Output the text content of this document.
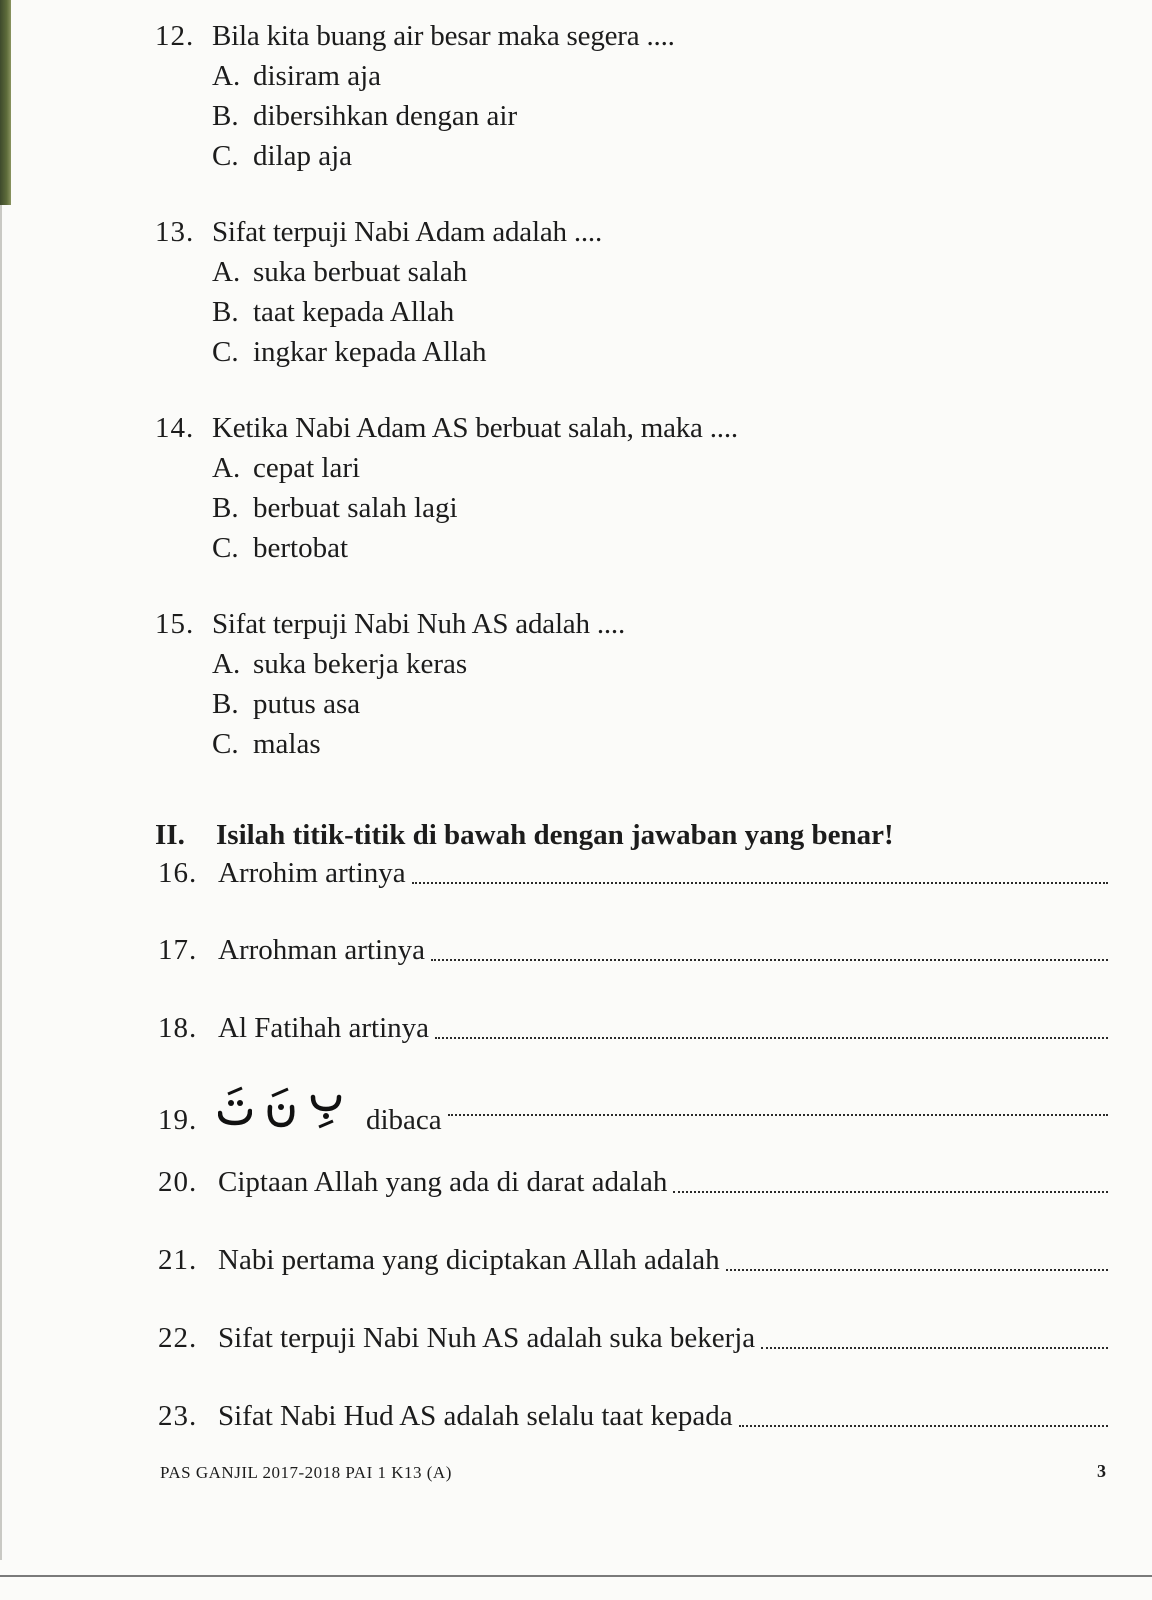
12. Bila kita buang air besar maka segera ....
A. disiram aja
B. dibersihkan dengan air
C. dilap aja
13. Sifat terpuji Nabi Adam adalah ....
A. suka berbuat salah
B. taat kepada Allah
C. ingkar kepada Allah
14. Ketika Nabi Adam AS berbuat salah, maka ....
A. cepat lari
B. berbuat salah lagi
C. bertobat
15. Sifat terpuji Nabi Nuh AS adalah ....
A. suka bekerja keras
B. putus asa
C. malas
II. Isilah titik-titik di bawah dengan jawaban yang benar!
16. Arrohim artinya
17. Arrohman artinya
18. Al Fatihah artinya
19.	dibaca
20. Ciptaan Allah yang ada di darat adalah
21. Nabi pertama yang diciptakan Allah adalah
22. Sifat terpuji Nabi Nuh AS adalah suka bekerja
23. Sifat Nabi Hud AS adalah selalu taat kepada
PAS GANJIL 2017-2018 PAI 1 K13 (A)	3
